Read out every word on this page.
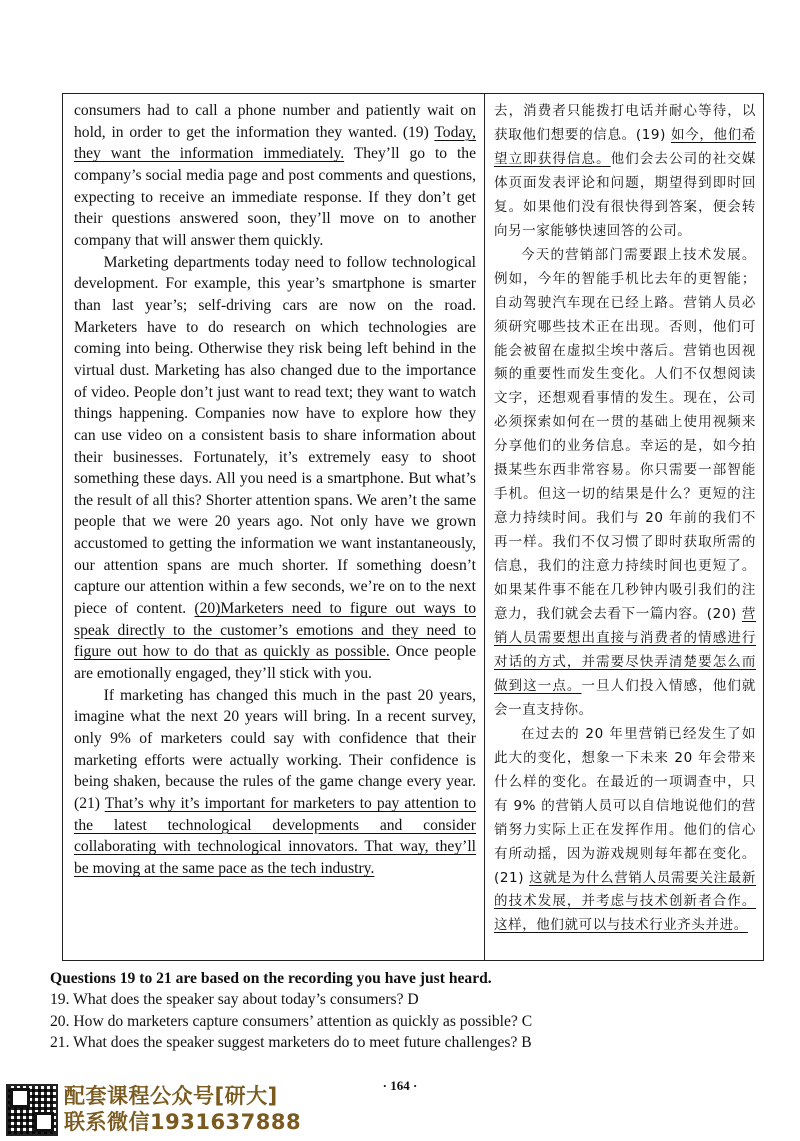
consumers had to call a phone number and patiently wait on hold, in order to get the information they wanted. (19) Today, they want the information immediately. They’ll go to the company’s social media page and post comments and questions, expecting to receive an immediate response. If they don’t get their questions answered soon, they’ll move on to another company that will answer them quickly.

Marketing departments today need to follow technological development. For example, this year’s smartphone is smarter than last year’s; self-driving cars are now on the road. Marketers have to do research on which technologies are coming into being. Otherwise they risk being left behind in the virtual dust. Marketing has also changed due to the importance of video. People don’t just want to read text; they want to watch things happening. Companies now have to explore how they can use video on a consistent basis to share information about their businesses. Fortunately, it’s extremely easy to shoot something these days. All you need is a smartphone. But what’s the result of all this? Shorter attention spans. We aren’t the same people that we were 20 years ago. Not only have we grown accustomed to getting the information we want instantaneously, our attention spans are much shorter. If something doesn’t capture our attention within a few seconds, we’re on to the next piece of content. (20)Marketers need to figure out ways to speak directly to the customer’s emotions and they need to figure out how to do that as quickly as possible. Once people are emotionally engaged, they’ll stick with you.

If marketing has changed this much in the past 20 years, imagine what the next 20 years will bring. In a recent survey, only 9% of marketers could say with confidence that their marketing efforts were actually working. Their confidence is being shaken, because the rules of the game change every year. (21) That’s why it’s important for marketers to pay attention to the latest technological developments and consider collaborating with technological innovators. That way, they’ll be moving at the same pace as the tech industry.

去，消费者只能拨打电话并耐心等待，以获取他们想要的信息。(19) 如今，他们希望立即获得信息。他们会去公司的社交媒体页面发表评论和问题，期望得到即时回复。如果他们没有很快得到答案，便会转向另一家能够快速回答的公司。

今天的营销部门需要跟上技术发展。例如，今年的智能手机比去年的更智能；自动驾驶汽车现在已经上路。营销人员必须研究哪些技术正在出现。否则，他们可能会被留在虚拟尘埃中落后。营销也因视频的重要性而发生变化。人们不仅想阅读文字，还想观看事情的发生。现在，公司必须探索如何在一贯的基础上使用视频来分享他们的业务信息。幸运的是，如今拍摄某些东西非常容易。你只需要一部智能手机。但这一切的结果是什么？更短的注意力持续时间。我们与 20 年前的我们不再一样。我们不仅习惯了即时获取所需的信息，我们的注意力持续时间也更短了。如果某件事不能在几秒钟内吸引我们的注意力，我们就会去看下一篇内容。(20) 营销人员需要想出直接与消费者的情感进行对话的方式，并需要尽快弄清楚要怎么而做到这一点。一旦人们投入情感，他们就会一直支持你。

在过去的 20 年里营销已经发生了如此大的变化，想象一下未来 20 年会带来什么样的变化。在最近的一项调查中，只有 9% 的营销人员可以自信地说他们的营销努力实际上正在发挥作用。他们的信心有所动摇，因为游戏规则每年都在变化。(21) 这就是为什么营销人员需要关注最新的技术发展，并考虑与技术创新者合作。这样，他们就可以与技术行业齐头并进。

Questions 19 to 21 are based on the recording you have just heard.
19. What does the speaker say about today’s consumers? D
20. How do marketers capture consumers’ attention as quickly as possible? C
21. What does the speaker suggest marketers do to meet future challenges? B
· 164 ·
配套课程公众号[研大]
联系微信1931637888
